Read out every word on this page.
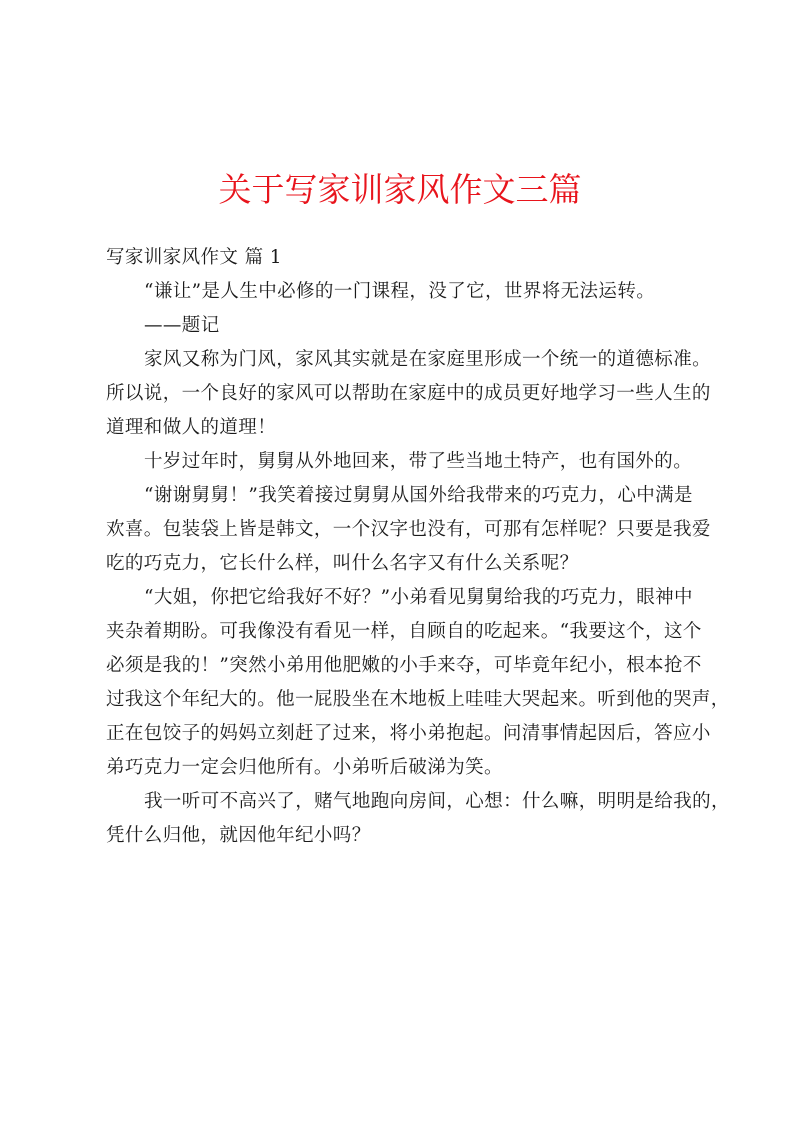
关于写家训家风作文三篇

写家训家风作文 篇 1

“谦让”是人生中必修的一门课程，没了它，世界将无法运转。

——题记

家风又称为门风，家风其实就是在家庭里形成一个统一的道德标准。

所以说，一个良好的家风可以帮助在家庭中的成员更好地学习一些人生的

道理和做人的道理！

十岁过年时，舅舅从外地回来，带了些当地土特产，也有国外的。

“谢谢舅舅！”我笑着接过舅舅从国外给我带来的巧克力，心中满是

欢喜。包装袋上皆是韩文，一个汉字也没有，可那有怎样呢？只要是我爱

吃的巧克力，它长什么样，叫什么名字又有什么关系呢？

“大姐，你把它给我好不好？”小弟看见舅舅给我的巧克力，眼神中

夹杂着期盼。可我像没有看见一样，自顾自的吃起来。“我要这个，这个

必须是我的！”突然小弟用他肥嫩的小手来夺，可毕竟年纪小，根本抢不

过我这个年纪大的。他一屁股坐在木地板上哇哇大哭起来。听到他的哭声，

正在包饺子的妈妈立刻赶了过来，将小弟抱起。问清事情起因后，答应小

弟巧克力一定会归他所有。小弟听后破涕为笑。

我一听可不高兴了，赌气地跑向房间，心想：什么嘛，明明是给我的，

凭什么归他，就因他年纪小吗？
